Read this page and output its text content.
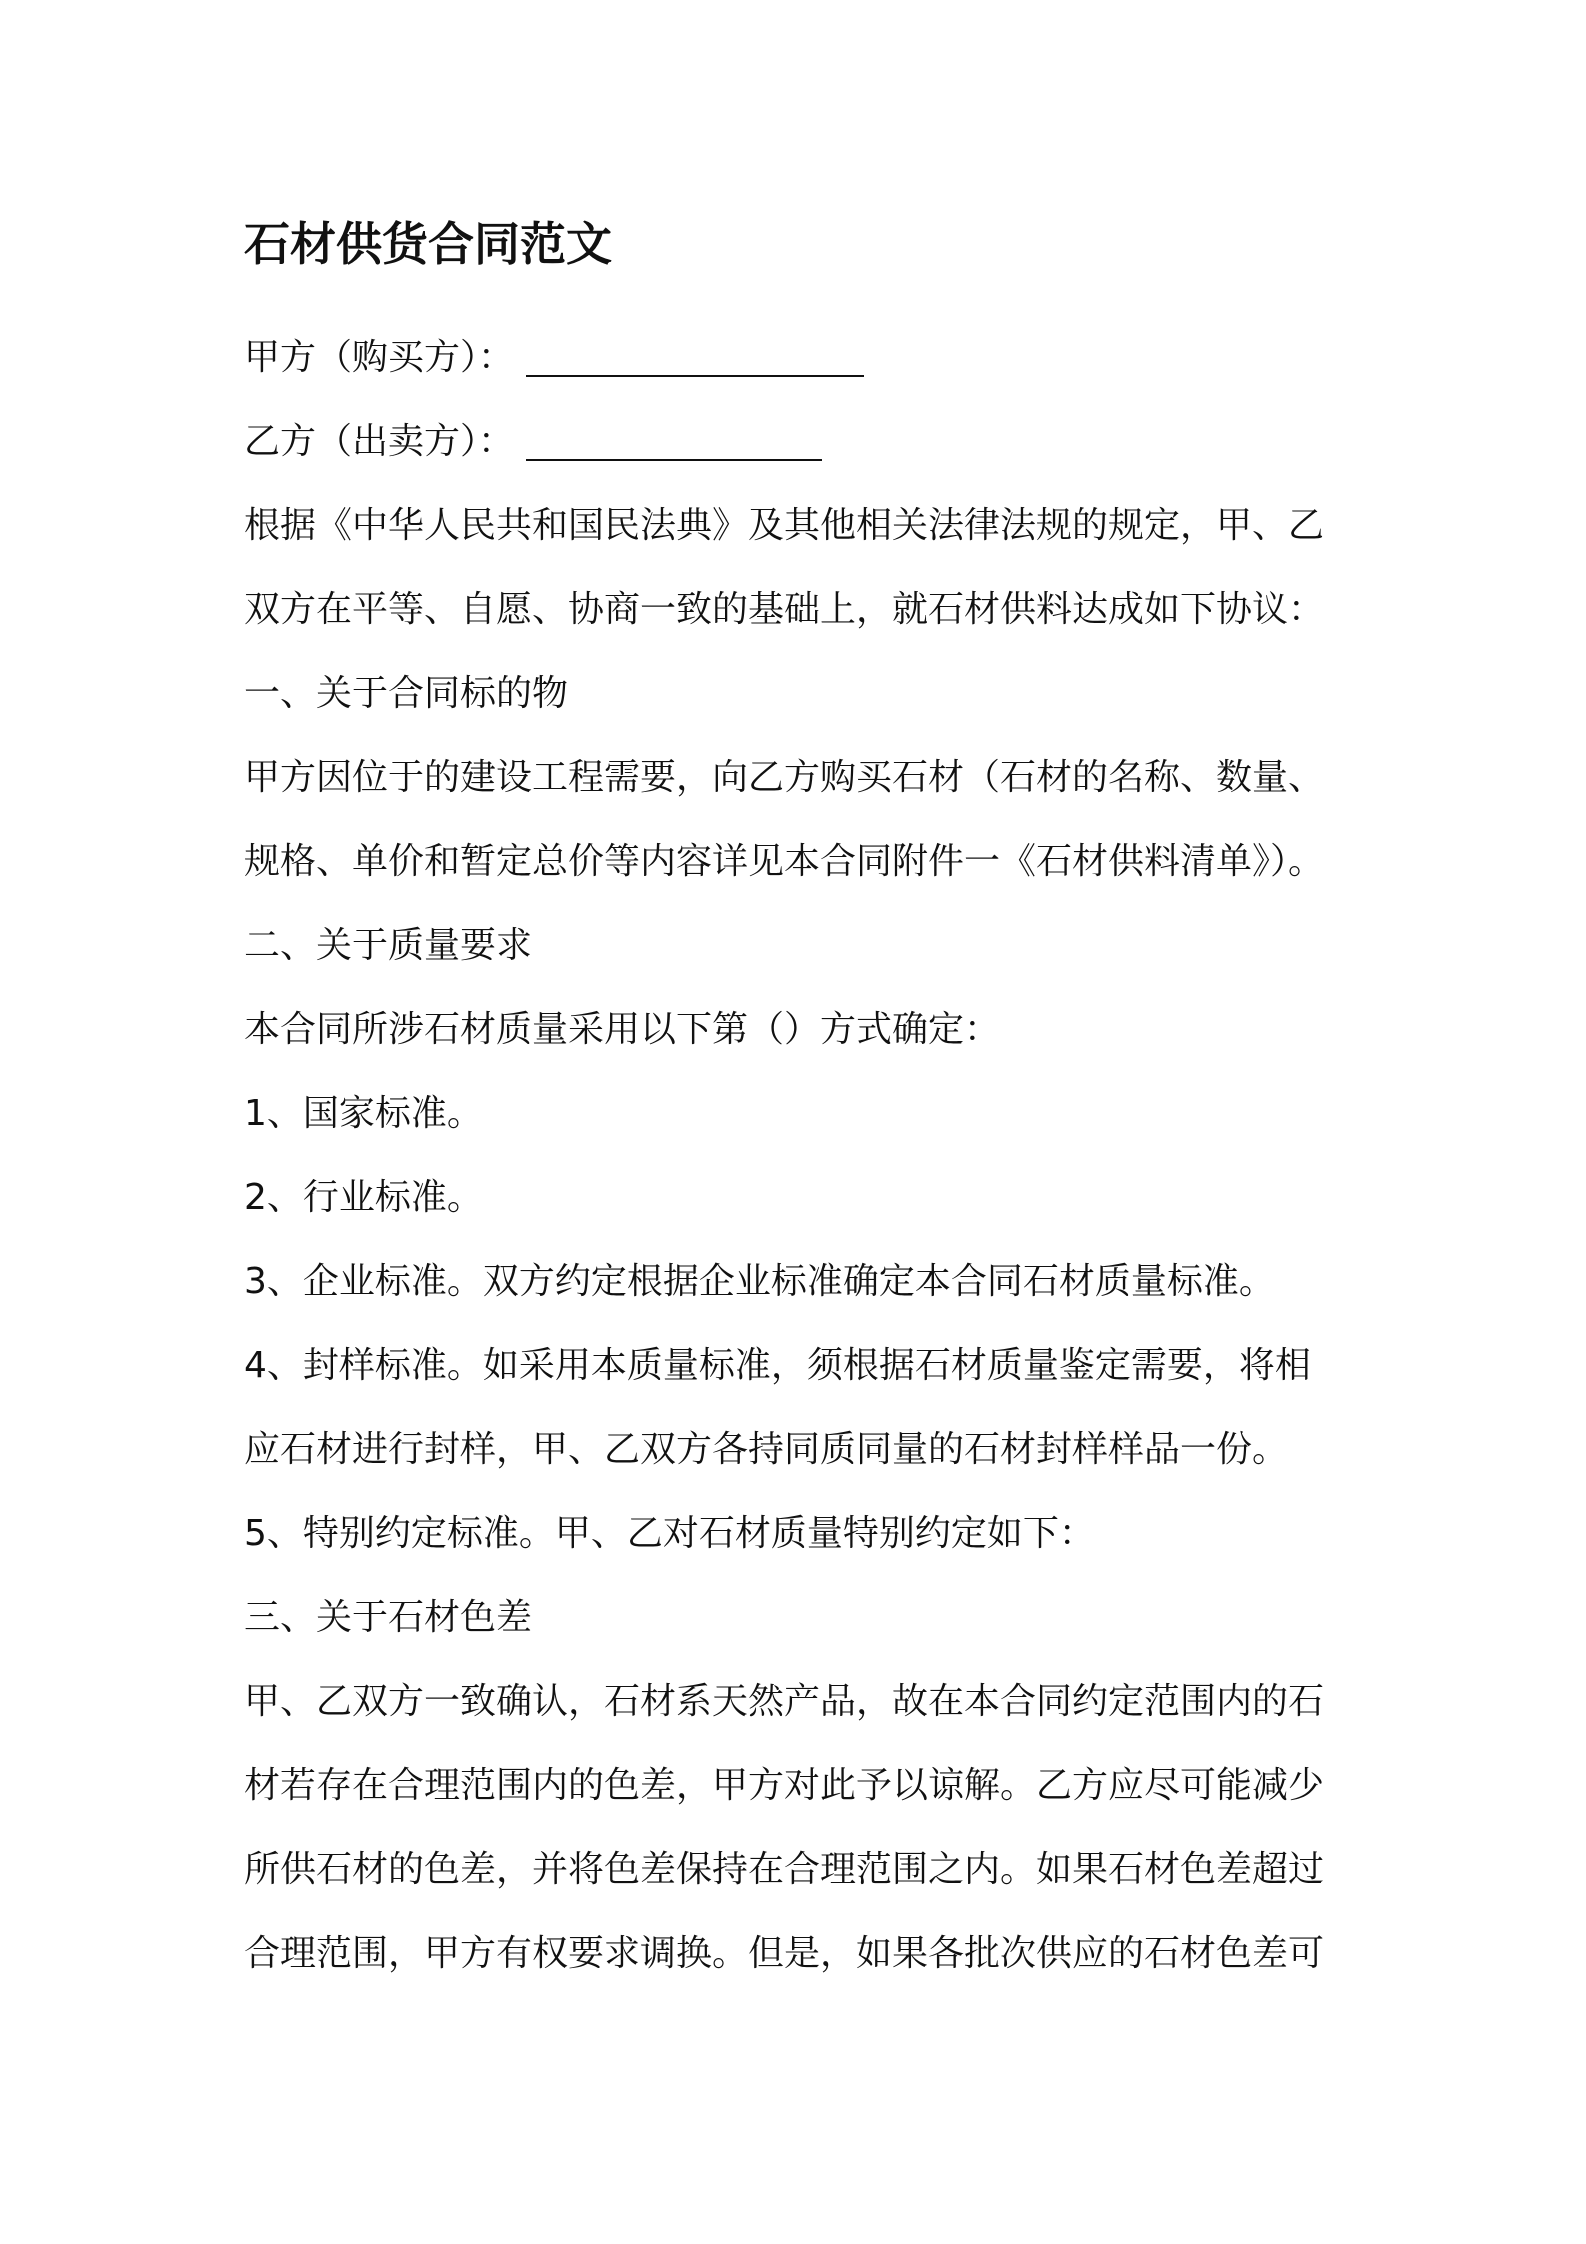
石材供货合同范文
甲方（购买方）：
乙方（出卖方）：
根据《中华人民共和国民法典》及其他相关法律法规的规定，甲、乙
双方在平等、自愿、协商一致的基础上，就石材供料达成如下协议：
一、关于合同标的物
甲方因位于的建设工程需要，向乙方购买石材（石材的名称、数量、
规格、单价和暂定总价等内容详见本合同附件一《石材供料清单》）。
二、关于质量要求
本合同所涉石材质量采用以下第（）方式确定：
1、国家标准。
2、行业标准。
3、企业标准。双方约定根据企业标准确定本合同石材质量标准。
4、封样标准。如采用本质量标准，须根据石材质量鉴定需要，将相
应石材进行封样，甲、乙双方各持同质同量的石材封样样品一份。
5、特别约定标准。甲、乙对石材质量特别约定如下：
三、关于石材色差
甲、乙双方一致确认，石材系天然产品，故在本合同约定范围内的石
材若存在合理范围内的色差，甲方对此予以谅解。乙方应尽可能减少
所供石材的色差，并将色差保持在合理范围之内。如果石材色差超过
合理范围，甲方有权要求调换。但是，如果各批次供应的石材色差可
